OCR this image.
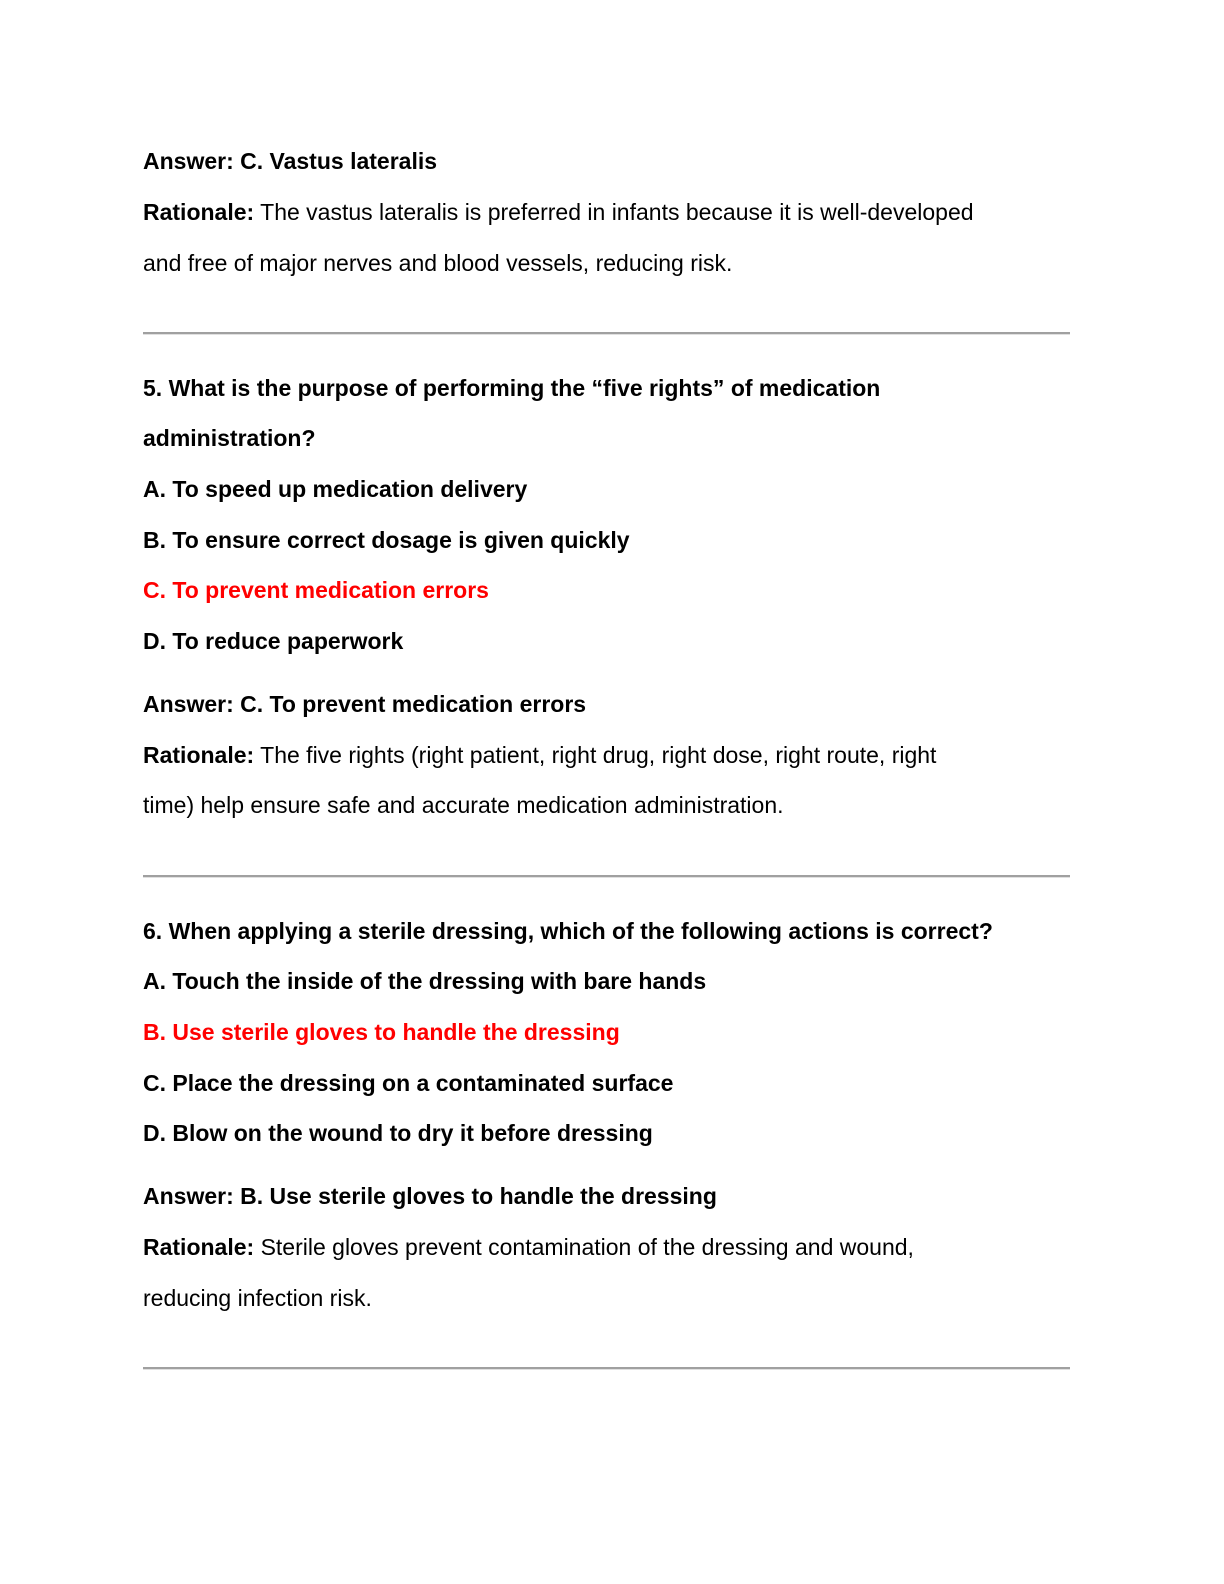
Answer: C. Vastus lateralis
Rationale: The vastus lateralis is preferred in infants because it is well-developed
and free of major nerves and blood vessels, reducing risk.
5. What is the purpose of performing the “five rights” of medication
administration?
A. To speed up medication delivery
B. To ensure correct dosage is given quickly
C. To prevent medication errors
D. To reduce paperwork
Answer: C. To prevent medication errors
Rationale: The five rights (right patient, right drug, right dose, right route, right
time) help ensure safe and accurate medication administration.
6. When applying a sterile dressing, which of the following actions is correct?
A. Touch the inside of the dressing with bare hands
B. Use sterile gloves to handle the dressing
C. Place the dressing on a contaminated surface
D. Blow on the wound to dry it before dressing
Answer: B. Use sterile gloves to handle the dressing
Rationale: Sterile gloves prevent contamination of the dressing and wound,
reducing infection risk.
